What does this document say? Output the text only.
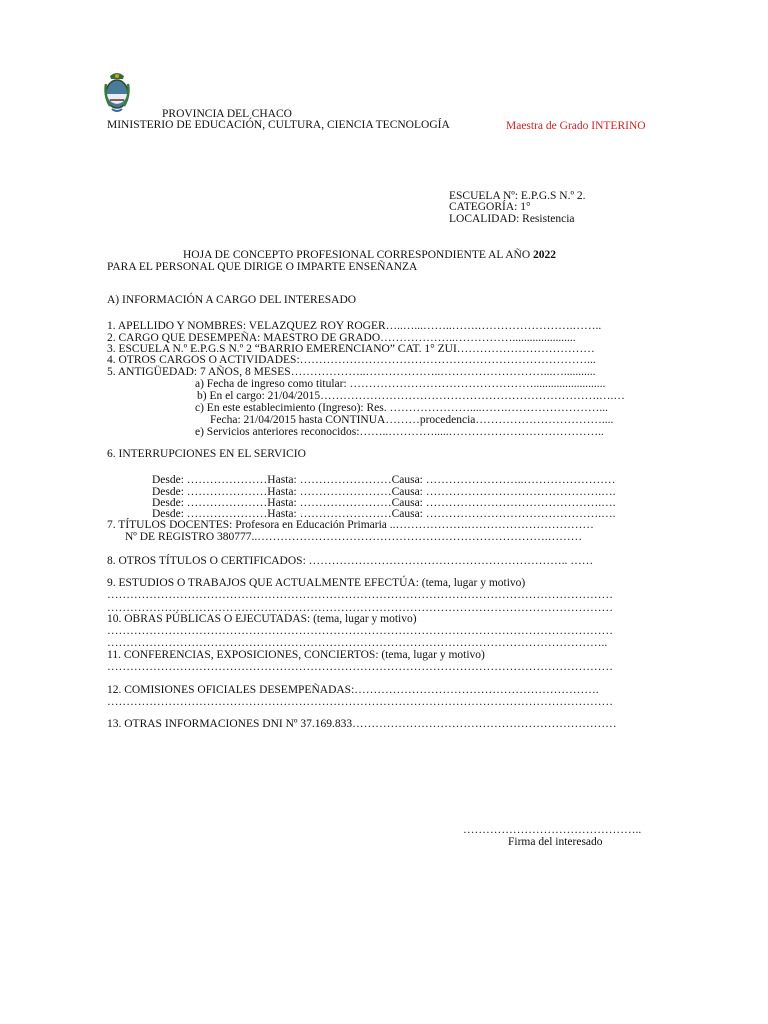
PROVINCIA DEL CHACO
MINISTERIO DE EDUCACIÓN, CULTURA, CIENCIA TECNOLOGÍA	Maestra de Grado INTERINO
ESCUELA Nº: E.P.G.S N.º 2.
CATEGORÍA: 1°
LOCALIDAD: Resistencia
HOJA DE CONCEPTO PROFESIONAL CORRESPONDIENTE AL AÑO 2022
PARA EL PERSONAL QUE DIRIGE O IMPARTE ENSEÑANZA
A) INFORMACIÓN A CARGO DEL INTERESADO
1. APELLIDO Y NOMBRES: VELAZQUEZ ROY ROGER…..…...……..…….…………………….……..
2. CARGO QUE DESEMPEÑA: MAESTRO DE GRADO………………..……………......................
3. ESCUELA N.º E.P.G.S N.º 2 “BARRIO EMERENCIANO” CAT. 1° ZUI………………………………
4. OTROS CARGOS O ACTIVIDADES:…………………………………………………………………...
5. ANTIGÜEDAD: 7 AÑOS, 8 MESES………………..………………..………………………...…...........
a) Fecha de ingreso como titular: ………………………………………….........................
b) En el cargo: 21/04/2015……………………………………………………………….….…
c) En este establecimiento (Ingreso): Res. …………………....…….……………………...
Fecha: 21/04/2015 hasta CONTINUA………procedencia……………………………....
e) Servicios anteriores reconocidos:……..………….....…………………………………..
6. INTERRUPCIONES EN EL SERVICIO
Desde: …………………Hasta: ……………………Causa: ……………………..……………………
Desde: …………………Hasta: ……………………Causa: ……………………………………….….
Desde: …………………Hasta: ……………………Causa: ……………………………………….….
Desde: …………………Hasta: ……………………Causa: ……………………………………….….
7. TÍTULOS DOCENTES: Profesora en Educación Primaria ..……………….……………………………
Nº DE REGISTRO 380777..………………………………………………………………….………
8. OTROS TÍTULOS O CERTIFICADOS: ………………………………………………………….. ……
9. ESTUDIOS O TRABAJOS QUE ACTUALMENTE EFECTÚA: (tema, lugar y motivo)
……………………………………………………………………………………………………………………
……………………………………………………………………………………………………………………
10. OBRAS PÚBLICAS O EJECUTADAS: (tema, lugar y motivo)
……………………………………………………………………………………………………………………
…………………………………………………………………………………………………………………..
11. CONFERENCIAS, EXPOSICIONES, CONCIERTOS: (tema, lugar y motivo)
……………………………………………………………………………………………………………………
12. COMISIONES OFICIALES DESEMPEÑADAS:……………………………………………………….
……………………………………………………………………………………………………………………
13. OTRAS INFORMACIONES DNI Nº 37.169.833……………………………………………………………
………………………………………..
Firma del interesado
